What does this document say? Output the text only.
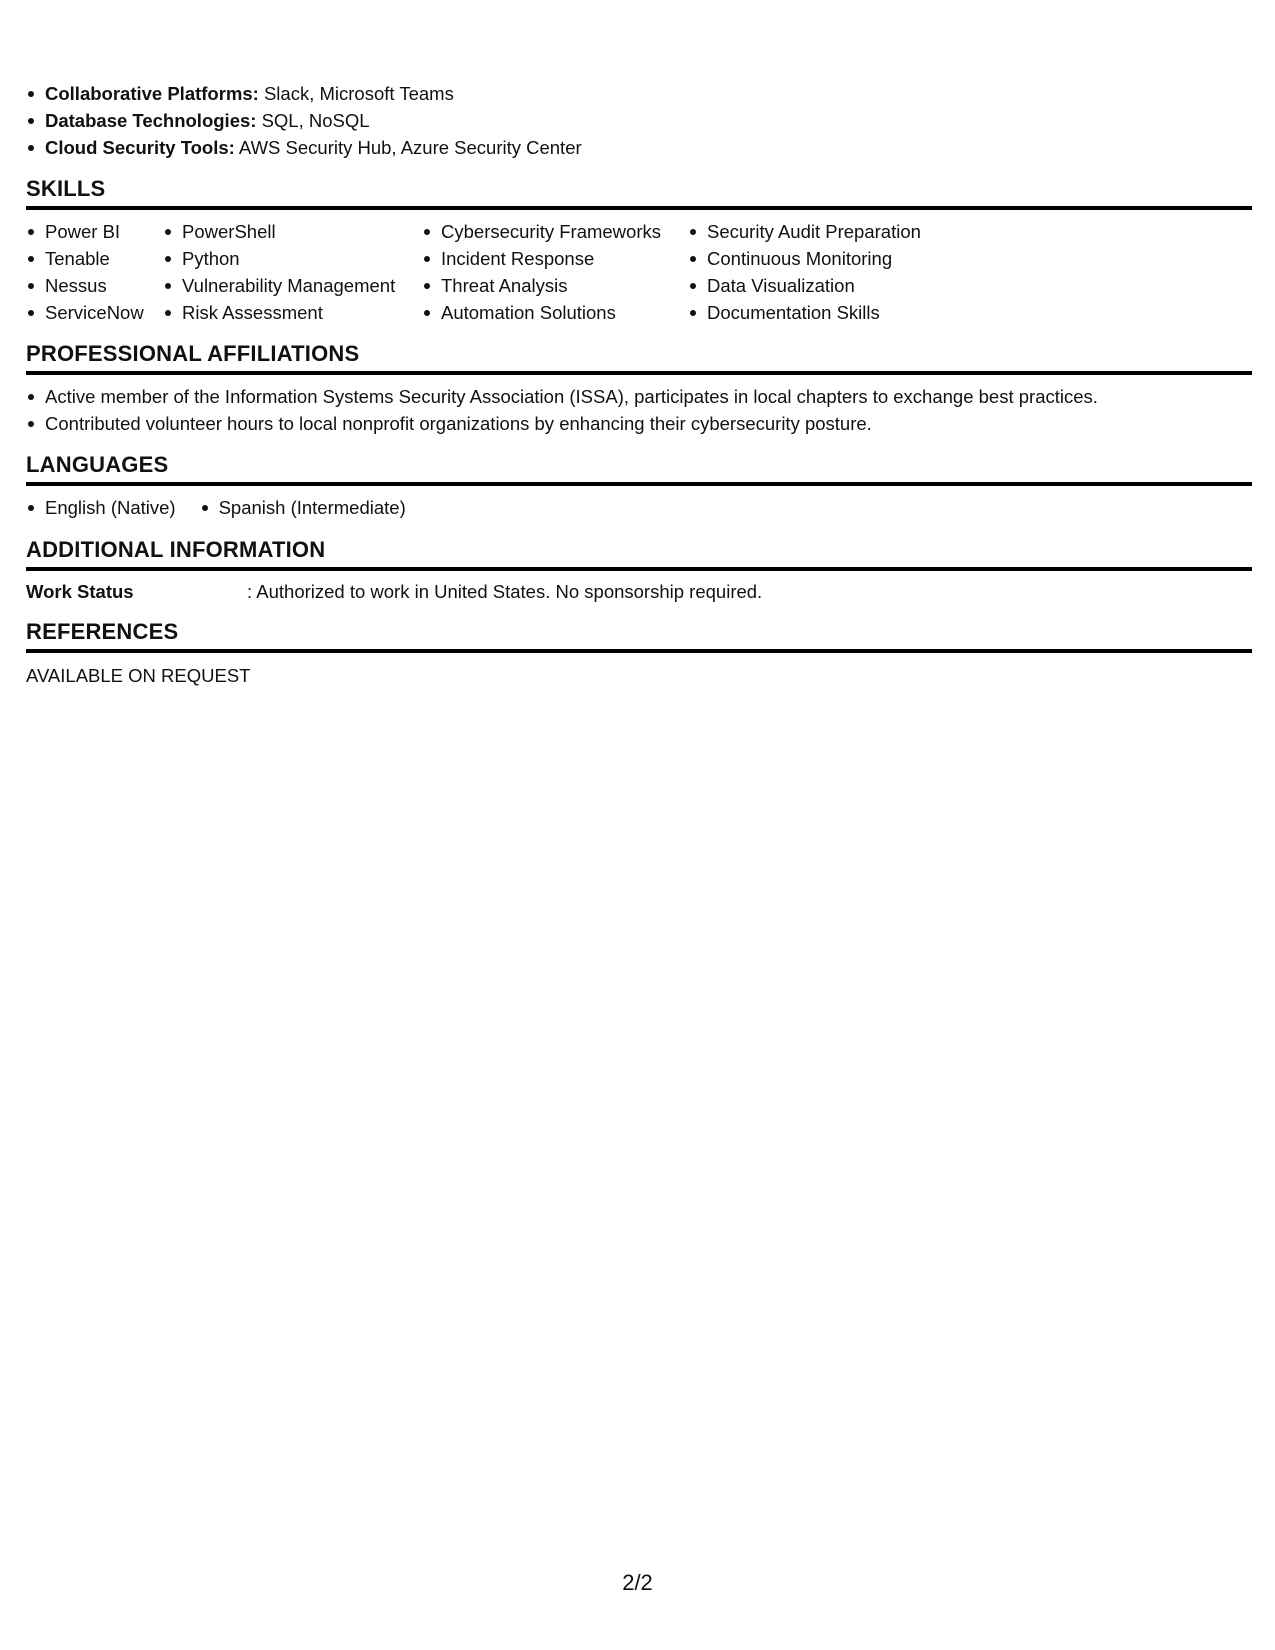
Collaborative Platforms: Slack, Microsoft Teams
Database Technologies: SQL, NoSQL
Cloud Security Tools: AWS Security Hub, Azure Security Center
SKILLS
Power BI
Tenable
Nessus
ServiceNow
PowerShell
Python
Vulnerability Management
Risk Assessment
Cybersecurity Frameworks
Incident Response
Threat Analysis
Automation Solutions
Security Audit Preparation
Continuous Monitoring
Data Visualization
Documentation Skills
PROFESSIONAL AFFILIATIONS
Active member of the Information Systems Security Association (ISSA), participates in local chapters to exchange best practices.
Contributed volunteer hours to local nonprofit organizations by enhancing their cybersecurity posture.
LANGUAGES
English (Native)	Spanish (Intermediate)
ADDITIONAL INFORMATION
Work Status	: Authorized to work in United States. No sponsorship required.
REFERENCES
AVAILABLE ON REQUEST
2/2
